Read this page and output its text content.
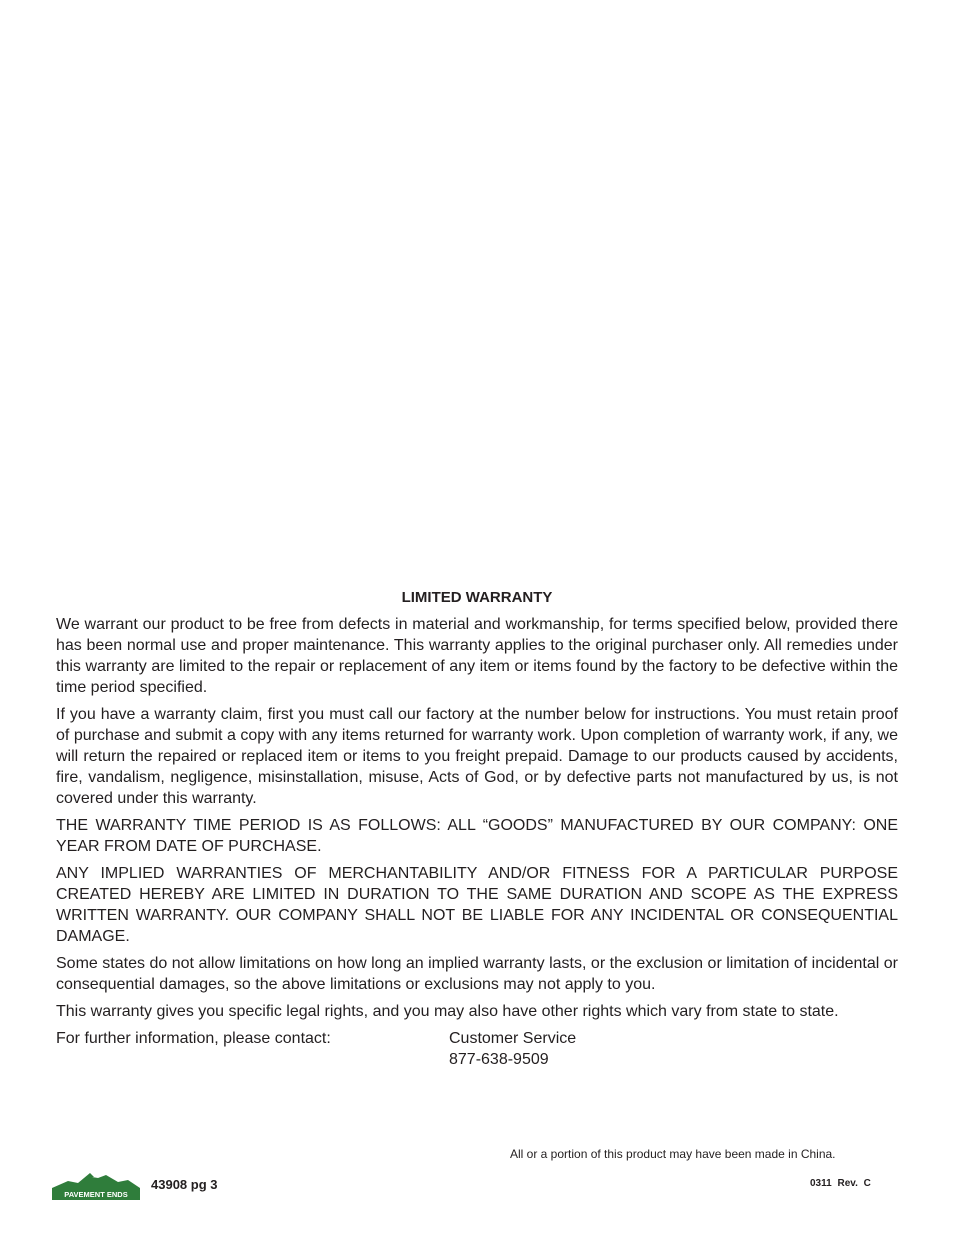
LIMITED WARRANTY

We warrant our product to be free from defects in material and workmanship, for terms specified below, provided there has been normal use and proper maintenance. This warranty applies to the original purchaser only. All remedies under this warranty are limited to the repair or replacement of any item or items found by the factory to be defective within the time period specified.

If you have a warranty claim, first you must call our factory at the number below for instructions. You must retain proof of purchase and submit a copy with any items returned for warranty work. Upon completion of warranty work, if any, we will return the repaired or replaced item or items to you freight prepaid. Damage to our products caused by accidents, fire, vandalism, negligence, misinstallation, misuse, Acts of God, or by defective parts not manufactured by us, is not covered under this warranty.

THE WARRANTY TIME PERIOD IS AS FOLLOWS: ALL “GOODS” MANUFACTURED BY OUR COMPANY: ONE YEAR FROM DATE OF PURCHASE.

ANY IMPLIED WARRANTIES OF MERCHANTABILITY AND/OR FITNESS FOR A PARTICULAR PURPOSE CREATED HEREBY ARE LIMITED IN DURATION TO THE SAME DURATION AND SCOPE AS THE EXPRESS WRITTEN WARRANTY. OUR COMPANY SHALL NOT BE LIABLE FOR ANY INCIDENTAL OR CONSEQUENTIAL DAMAGE.

Some states do not allow limitations on how long an implied warranty lasts, or the exclusion or limitation of incidental or consequential damages, so the above limitations or exclusions may not apply to you.

This warranty gives you specific legal rights, and you may also have other rights which vary from state to state.

For further information, please contact:	Customer Service
877-638-9509
All or a portion of this product may have been made in China.
PAVEMENT ENDS
43908 pg 3	0311 Rev. C
